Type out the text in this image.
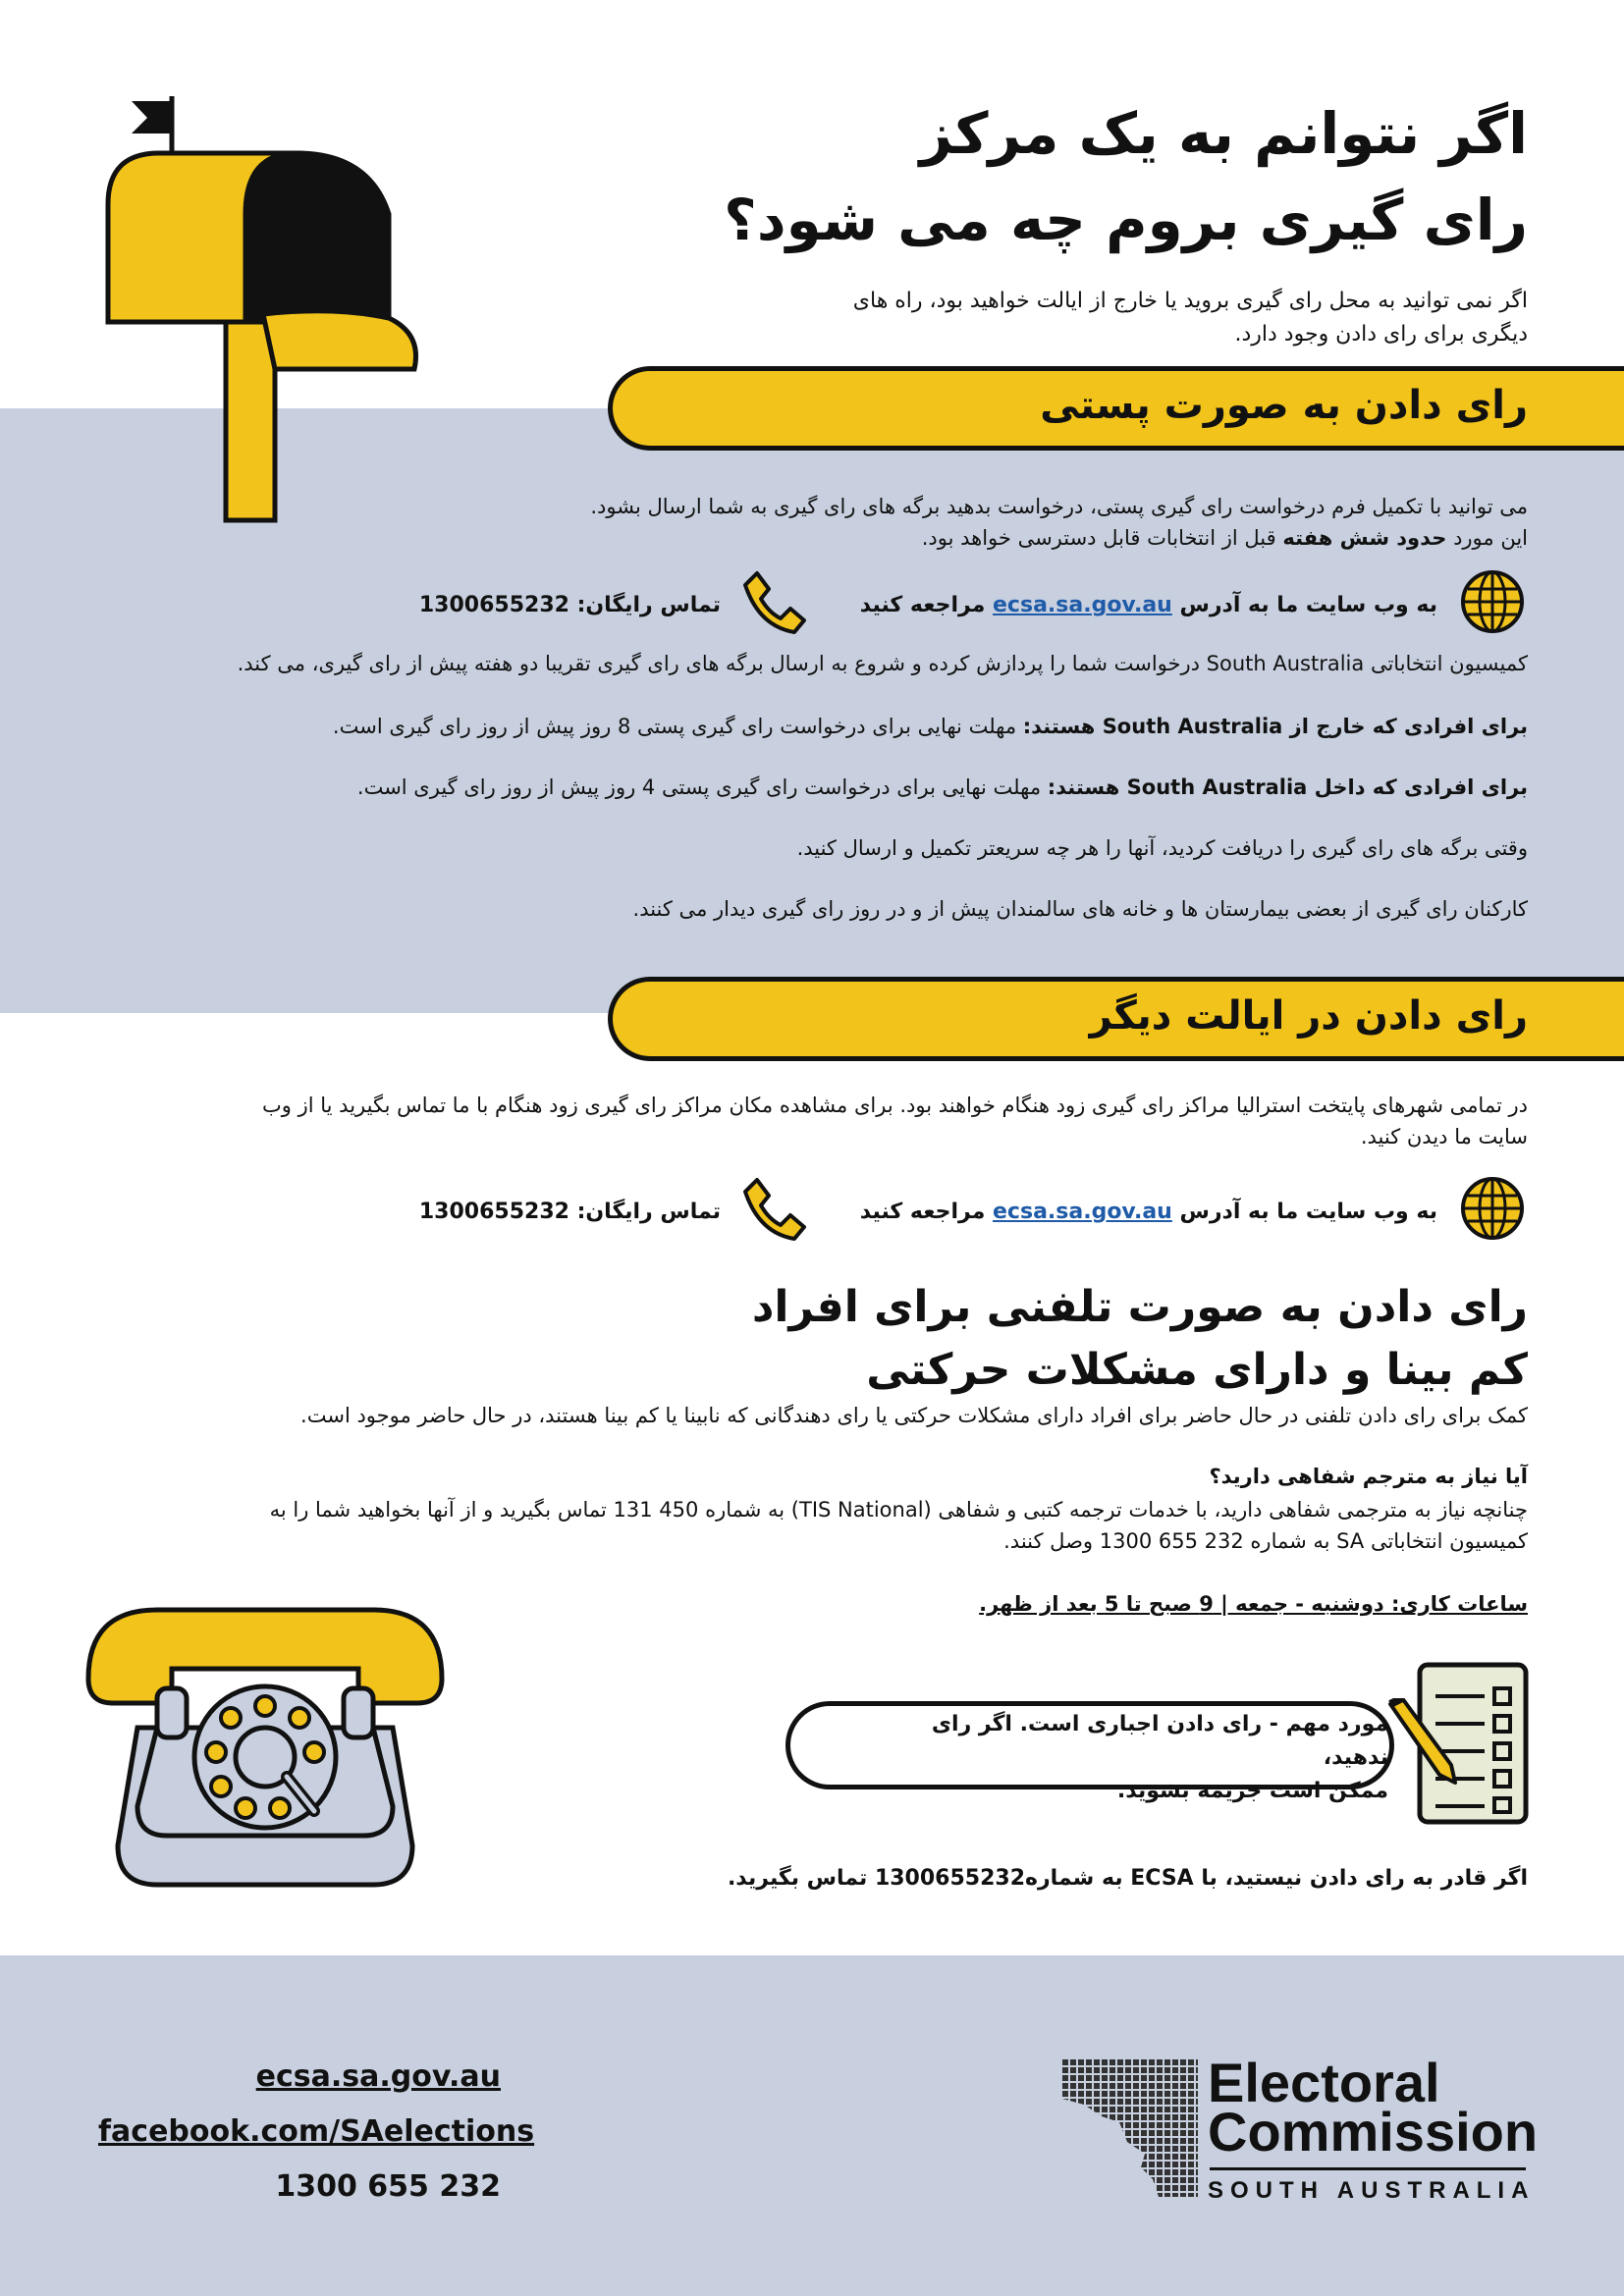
اگر نتوانم به یک مرکز
رای گیری بروم چه می شود؟
اگر نمی توانید به محل رای گیری بروید یا خارج از ایالت خواهید بود، راه های
دیگری برای رای دادن وجود دارد.
رای دادن به صورت پستی
می توانید با تکمیل فرم درخواست رای گیری پستی، درخواست بدهید برگه های رای گیری به شما ارسال بشود.
این مورد حدود شش هفته قبل از انتخابات قابل دسترسی خواهد بود.
به وب سایت ما به آدرس ecsa.sa.gov.au مراجعه کنید
تماس رایگان: 1300655232
کمیسیون انتخاباتی South Australia درخواست شما را پردازش کرده و شروع به ارسال برگه های رای گیری تقریبا دو هفته پیش از رای گیری، می کند.
برای افرادی که خارج از South Australia هستند: مهلت نهایی برای درخواست رای گیری پستی 8 روز پیش از روز رای گیری است.
برای افرادی که داخل South Australia هستند: مهلت نهایی برای درخواست رای گیری پستی 4 روز پیش از روز رای گیری است.
وقتی برگه های رای گیری را دریافت کردید، آنها را هر چه سریعتر تکمیل و ارسال کنید.
کارکنان رای گیری از بعضی بیمارستان ها و خانه های سالمندان پیش از و در روز رای گیری دیدار می کنند.
رای دادن در ایالت دیگر
در تمامی شهرهای پایتخت استرالیا مراکز رای گیری زود هنگام خواهند بود. برای مشاهده مکان مراکز رای گیری زود هنگام با ما تماس بگیرید یا از وب
سایت ما دیدن کنید.
به وب سایت ما به آدرس ecsa.sa.gov.au مراجعه کنید
تماس رایگان: 1300655232
رای دادن به صورت تلفنی برای افراد
کم بینا و دارای مشکلات حرکتی
کمک برای رای دادن تلفنی در حال حاضر برای افراد دارای مشکلات حرکتی یا رای دهندگانی که نابینا یا کم بینا هستند، در حال حاضر موجود است.
آیا نیاز به مترجم شفاهی دارید؟
چنانچه نیاز به مترجمی شفاهی دارید، با خدمات ترجمه کتبی و شفاهی (TIS National) به شماره 450 131 تماس بگیرید و از آنها بخواهید شما را به
کمیسیون انتخاباتی SA به شماره 232 655 1300 وصل کنند.
ساعات کاری: دوشنبه - جمعه | 9 صبح تا 5 بعد از ظهر.
مورد مهم - رای دادن اجباری است. اگر رای ندهید،
ممکن است جریمه بشوید.
اگر قادر به رای دادن نیستید، با ECSA به شماره1300655232 تماس بگیرید.
ecsa.sa.gov.au
facebook.com/SAelections
1300 655 232
Electoral
Commission
SOUTH AUSTRALIA
